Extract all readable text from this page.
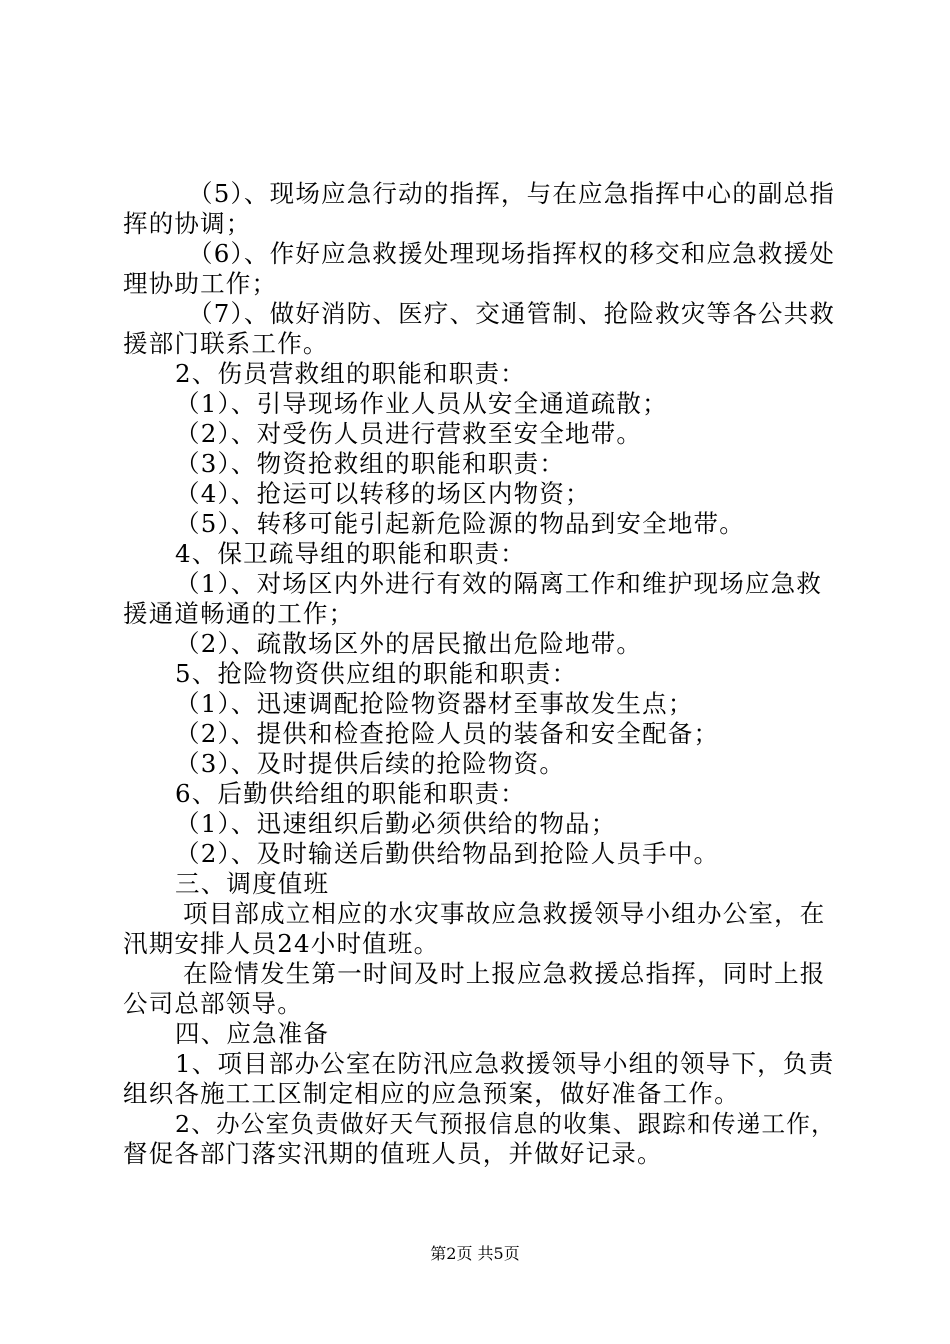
（5）、现场应急行动的指挥，与在应急指挥中心的副总指
挥的协调；
（6）、作好应急救援处理现场指挥权的移交和应急救援处
理协助工作；
（7）、做好消防、医疗、交通管制、抢险救灾等各公共救
援部门联系工作。
2、伤员营救组的职能和职责：
（1）、引导现场作业人员从安全通道疏散；
（2）、对受伤人员进行营救至安全地带。
（3）、物资抢救组的职能和职责：
（4）、抢运可以转移的场区内物资；
（5）、转移可能引起新危险源的物品到安全地带。
4、保卫疏导组的职能和职责：
（1）、对场区内外进行有效的隔离工作和维护现场应急救
援通道畅通的工作；
（2）、疏散场区外的居民撤出危险地带。
5、抢险物资供应组的职能和职责：
（1）、迅速调配抢险物资器材至事故发生点；
（2）、提供和检查抢险人员的装备和安全配备；
（3）、及时提供后续的抢险物资。
6、后勤供给组的职能和职责：
（1）、迅速组织后勤必须供给的物品；
（2）、及时输送后勤供给物品到抢险人员手中。
三、调度值班
项目部成立相应的水灾事故应急救援领导小组办公室，在
汛期安排人员24小时值班。
在险情发生第一时间及时上报应急救援总指挥，同时上报
公司总部领导。
四、应急准备
1、项目部办公室在防汛应急救援领导小组的领导下，负责
组织各施工工区制定相应的应急预案，做好准备工作。
2、办公室负责做好天气预报信息的收集、跟踪和传递工作，
督促各部门落实汛期的值班人员，并做好记录。
第2页 共5页
